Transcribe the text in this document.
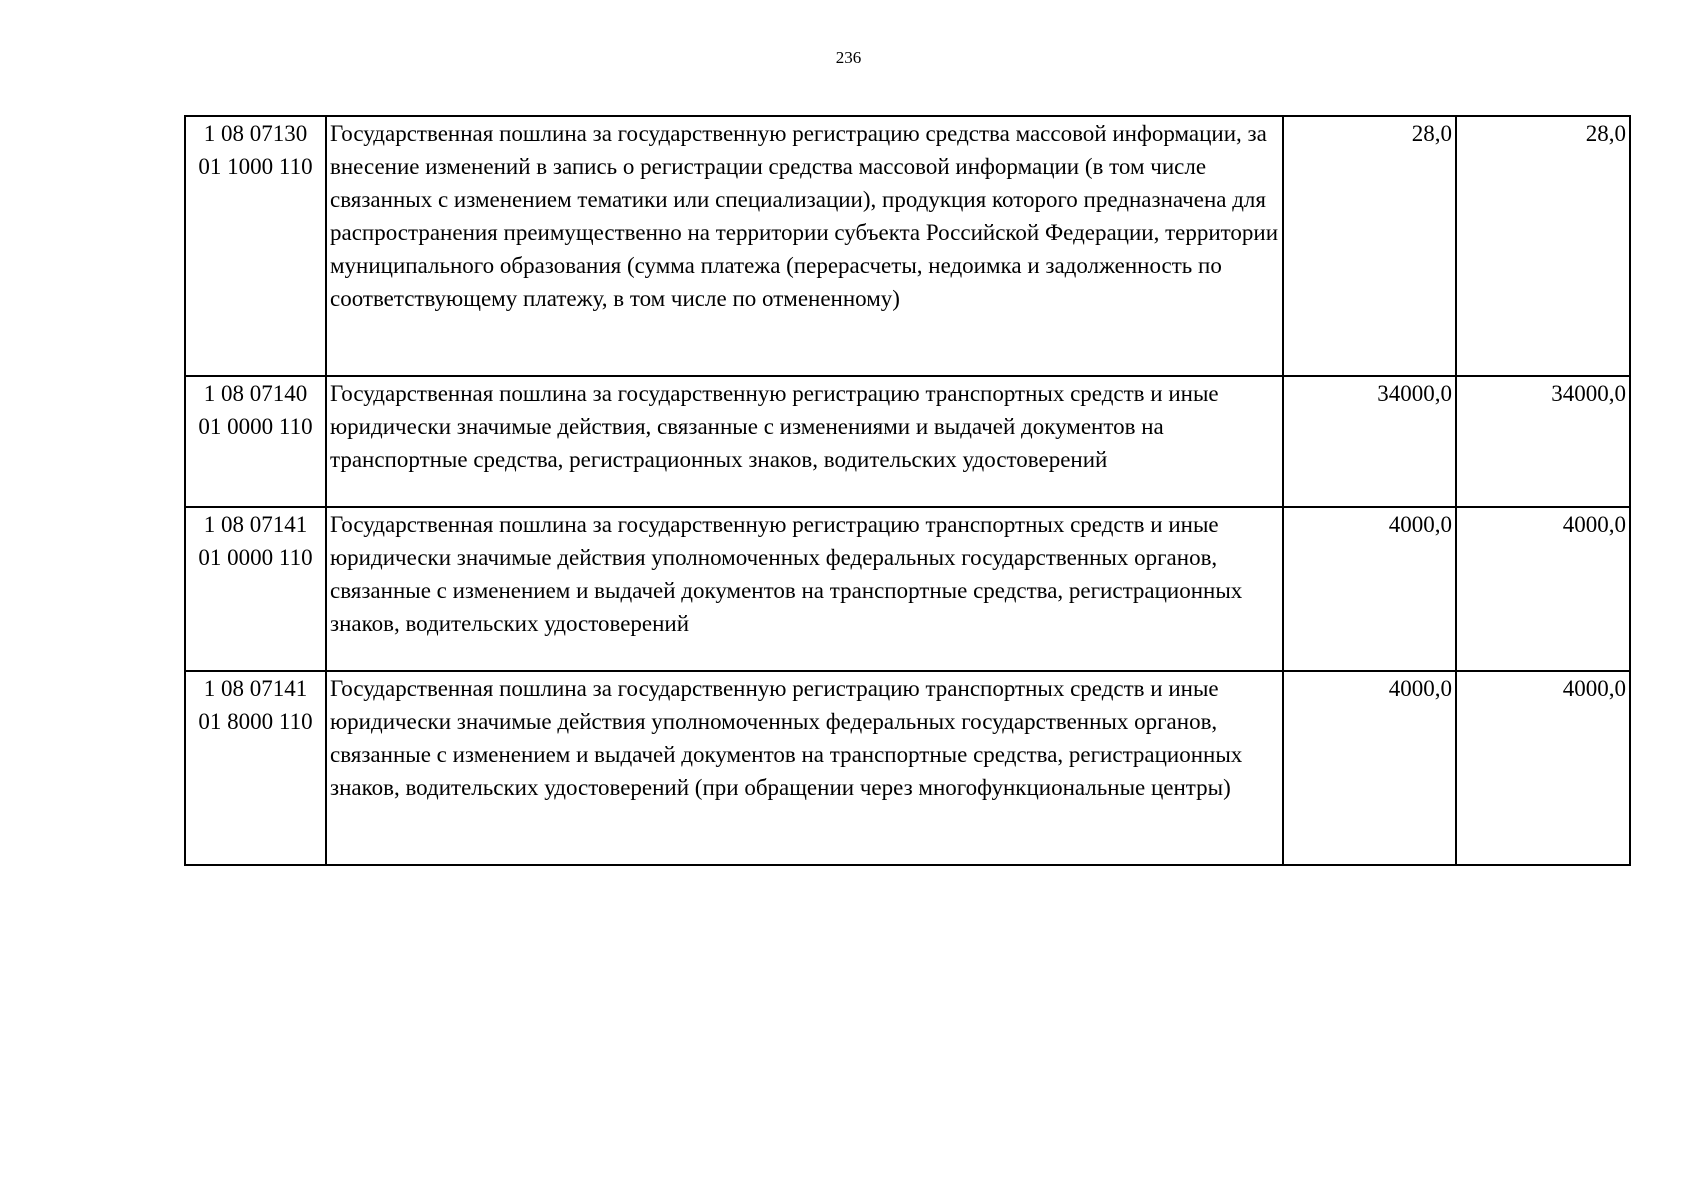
236
1 08 07130
01 1000 110	Государственная пошлина за государственную регистрацию средства массовой информации, за внесение изменений в запись о регистрации средства массовой информации (в том числе связанных с изменением тематики или специализации), продукция которого предназначена для распространения преимущественно на территории субъекта Российской Федерации, территории муниципального образования (сумма платежа (перерасчеты, недоимка и задолженность по соответствующему платежу, в том числе по отмененному)	28,0	28,0
1 08 07140
01 0000 110	Государственная пошлина за государственную регистрацию транспортных средств и иные юридически значимые действия, связанные с изменениями и выдачей документов на транспортные средства, регистрационных знаков, водительских удостоверений	34000,0	34000,0
1 08 07141
01 0000 110	Государственная пошлина за государственную регистрацию транспортных средств и иные юридически значимые действия уполномоченных федеральных государственных органов, связанные с изменением и выдачей документов на транспортные средства, регистрационных знаков, водительских удостоверений	4000,0	4000,0
1 08 07141
01 8000 110	Государственная пошлина за государственную регистрацию транспортных средств и иные юридически значимые действия уполномоченных федеральных государственных органов, связанные с изменением и выдачей документов на транспортные средства, регистрационных знаков, водительских удостоверений (при обращении через многофункциональные центры)	4000,0	4000,0
